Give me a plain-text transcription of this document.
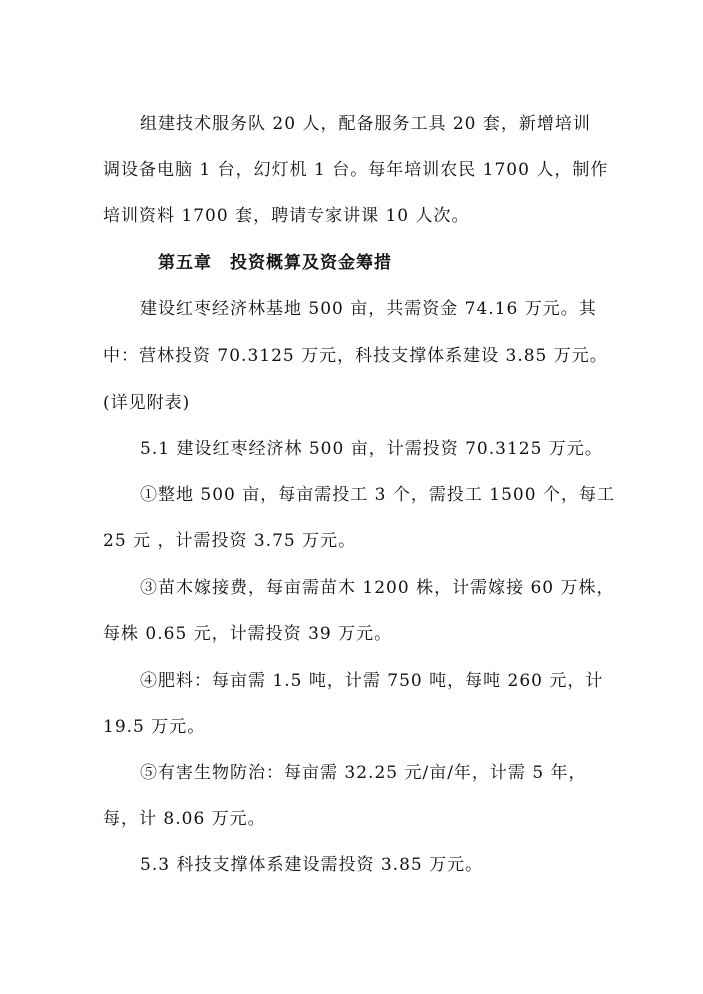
组建技术服务队 20 人，配备服务工具 20 套，新增培训
调设备电脑 1 台，幻灯机 1 台。每年培训农民 1700 人，制作
培训资料 1700 套，聘请专家讲课 10 人次。
第五章　投资概算及资金筹措
建设红枣经济林基地 500 亩，共需资金 74.16 万元。其
中：营林投资 70.3125 万元，科技支撑体系建设 3.85 万元。
(详见附表)
5.1 建设红枣经济林 500 亩，计需投资 70.3125 万元。
①整地 500 亩，每亩需投工 3 个，需投工 1500 个，每工
25 元 ，计需投资 3.75 万元。
③苗木嫁接费，每亩需苗木 1200 株，计需嫁接 60 万株，
每株 0.65 元，计需投资 39 万元。
④肥料：每亩需 1.5 吨，计需 750 吨，每吨 260 元，计
19.5 万元。
⑤有害生物防治：每亩需 32.25 元/亩/年，计需 5 年，
每，计 8.06 万元。
5.3 科技支撑体系建设需投资 3.85 万元。
